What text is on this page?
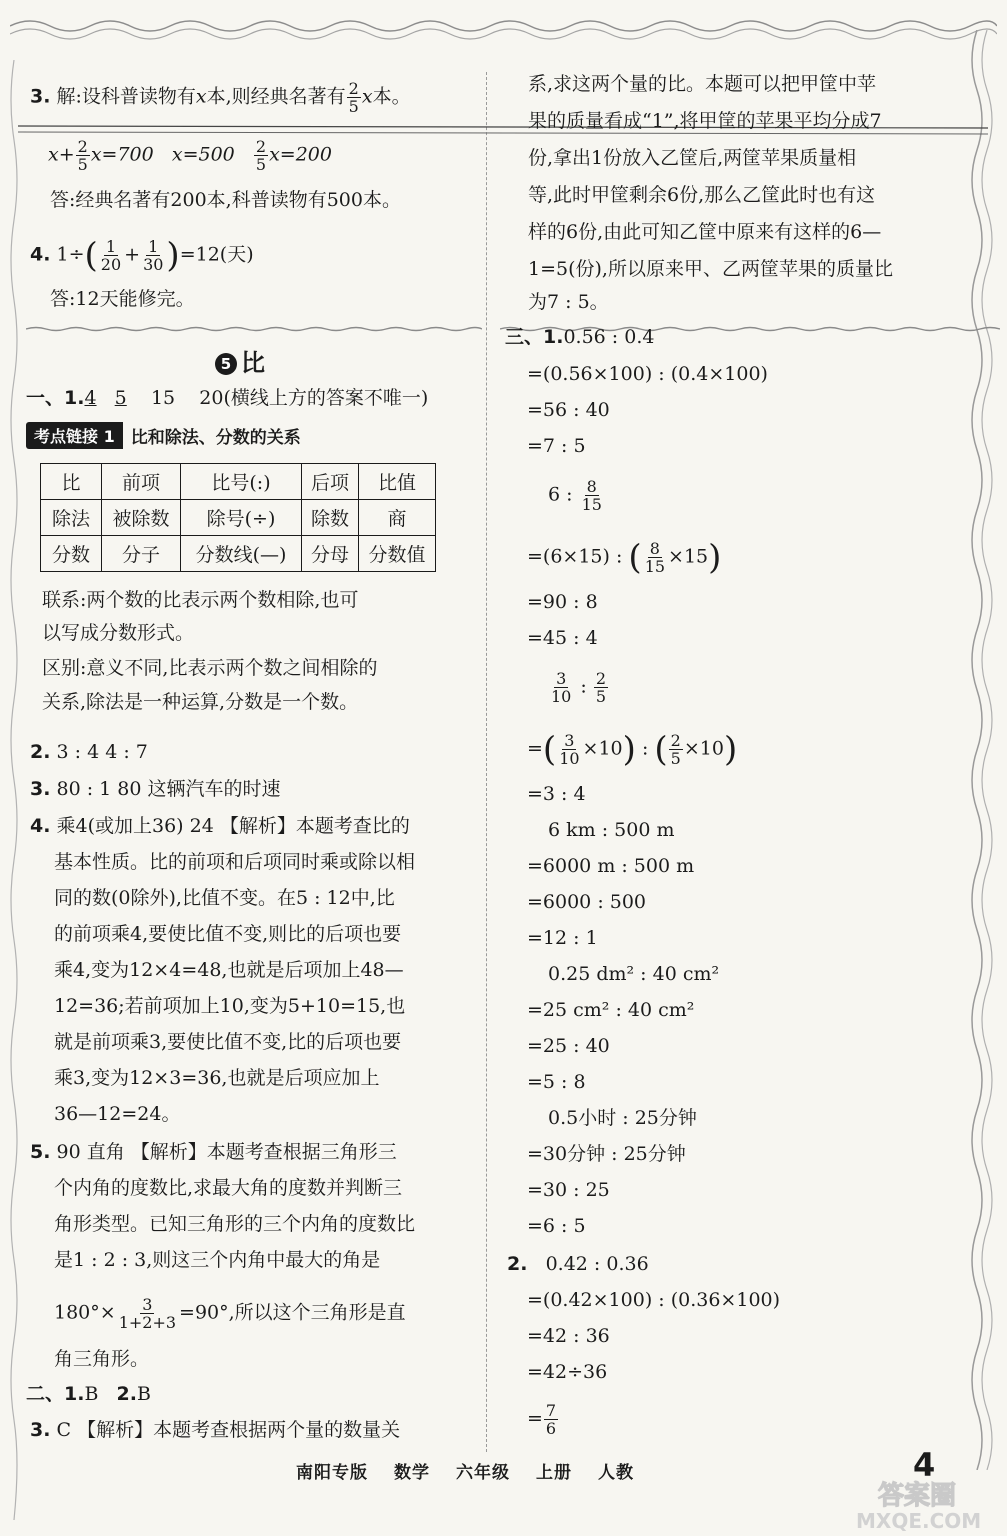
3. 解:设科普读物有x本,则经典名著有 $\frac{2}{5}$ x本。
$x+ \frac{2}{5} x=700$ $x=500 \frac{2}{5} x=200$
答:经典名著有200本,科普读物有500本。
4. $1\div( \frac{1}{20} + \frac{1}{30} )=12$(天)
答:12天能修完。
5 比
一、1.4 5 15 20(横线上方的答案不唯一)
考点链接 1 比和除法、分数的关系
比	前项	比号(:)	后项	比值
除法	被除数	除号(÷)	除数	商
分数	分子	分数线(—)	分母	分数值
联系:两个数的比表示两个数相除,也可
以写成分数形式。
区别:意义不同,比表示两个数之间相除的
关系,除法是一种运算,分数是一个数。
2. 3 : 4 4 : 7
3. 80 : 1 80 这辆汽车的时速
4. 乘4(或加上36) 24 【解析】本题考查比的
基本性质。比的前项和后项同时乘或除以相
同的数(0除外),比值不变。在5 : 12中,比
的前项乘4,要使比值不变,则比的后项也要
乘4,变为12×4=48,也就是后项加上48—
12=36;若前项加上10,变为5+10=15,也
就是前项乘3,要使比值不变,比的后项也要
乘3,变为12×3=36,也就是后项应加上
36—12=24。
5. 90 直角 【解析】本题考查根据三角形三
个内角的度数比,求最大角的度数并判断三
角形类型。已知三角形的三个内角的度数比
是1 : 2 : 3,则这三个内角中最大的角是
$180^\circ\times \frac{3}{1+2+3} =90^\circ$,所以这个三角形是直
角三角形。
二、1.B 2.B
3. C 【解析】本题考查根据两个量的数量关
系,求这两个量的比。本题可以把甲筐中苹
果的质量看成“1”,将甲筐的苹果平均分成7
份,拿出1份放入乙筐后,两筐苹果质量相
等,此时甲筐剩余6份,那么乙筐此时也有这
样的6份,由此可知乙筐中原来有这样的6—
1=5(份),所以原来甲、乙两筐苹果的质量比
为7 : 5。
三、1.0.56 : 0.4
=(0.56×100) : (0.4×100)
=56 : 40
=7 : 5
6 : $\frac{8}{15}$
=(6×15) : ( $\frac{8}{15} \times 15$)
=90 : 8
=45 : 4
$\frac{3}{10}$ : $\frac{2}{5}$
=( $\frac{3}{10} \times 10$) : ( $\frac{2}{5} \times 10$)
=3 : 4
6 km : 500 m
=6000 m : 500 m
=6000 : 500
=12 : 1
0.25 dm² : 40 cm²
=25 cm² : 40 cm²
=25 : 40
=5 : 8
0.5小时 : 25分钟
=30分钟 : 25分钟
=30 : 25
=6 : 5
2. 0.42 : 0.36
=(0.42×100) : (0.36×100)
=42 : 36
=42÷36
= $\frac{7}{6}$
南阳专版 数学 六年级 上册 人教	4
答案圈
MXQE.COM
